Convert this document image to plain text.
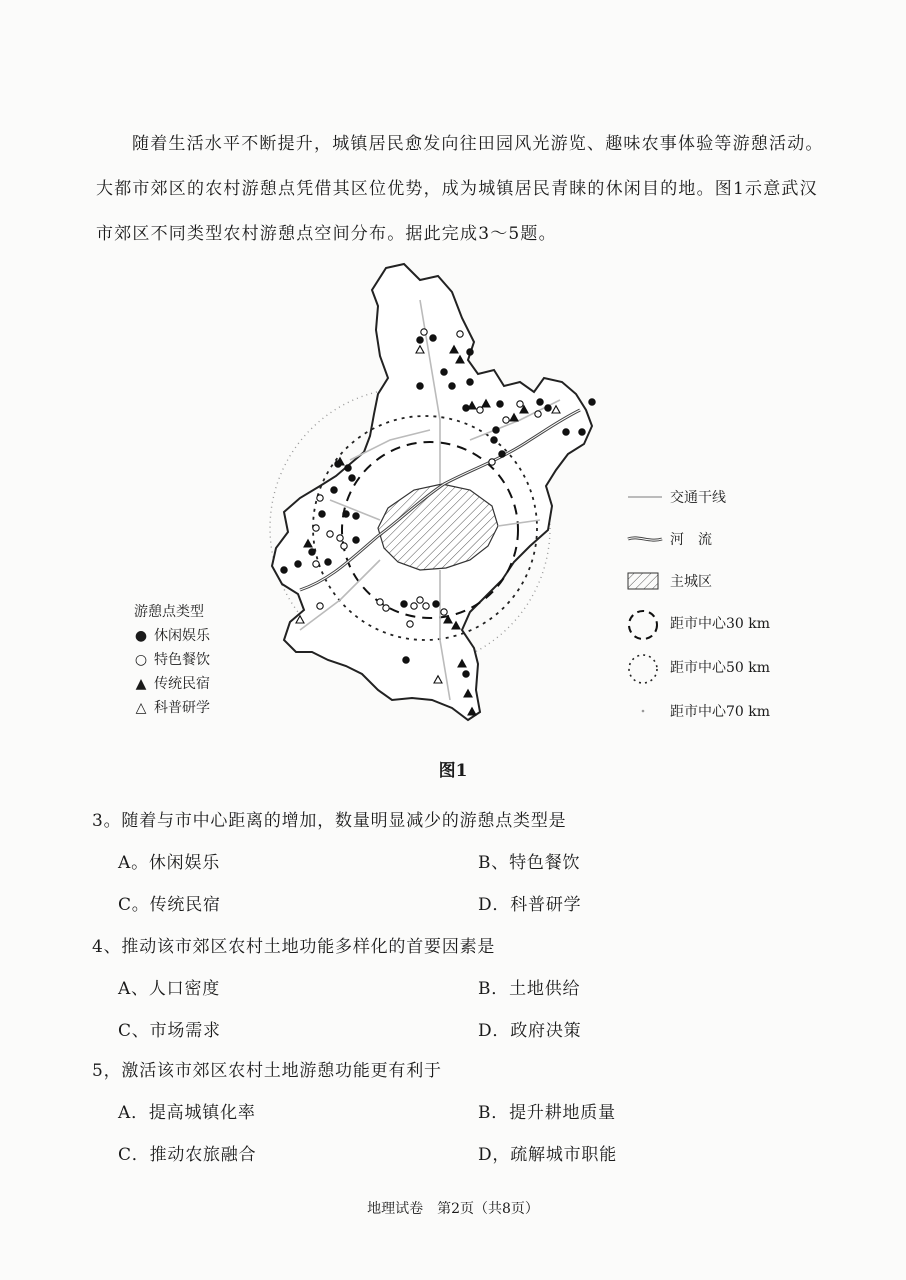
随着生活水平不断提升，城镇居民愈发向往田园风光游览、趣味农事体验等游憩活动。
大都市郊区的农村游憩点凭借其区位优势，成为城镇居民青睐的休闲目的地。图1示意武汉
市郊区不同类型农村游憩点空间分布。据此完成3～5题。

游憩点类型
● 休闲娱乐
○ 特色餐饮
▲ 传统民宿
△ 科普研学
交通干线
河　流
主城区
距市中心30 km
距市中心50 km
距市中心70 km
图1
3。随着与市中心距离的增加，数量明显减少的游憩点类型是
A。休闲娱乐	B、特色餐饮
C。传统民宿	D．科普研学
4、推动该市郊区农村土地功能多样化的首要因素是
A、人口密度	B．土地供给
C、市场需求	D．政府决策
5，激活该市郊区农村土地游憩功能更有利于
A．提高城镇化率	B．提升耕地质量
C．推动农旅融合	D，疏解城市职能
地理试卷　第2页（共8页）
